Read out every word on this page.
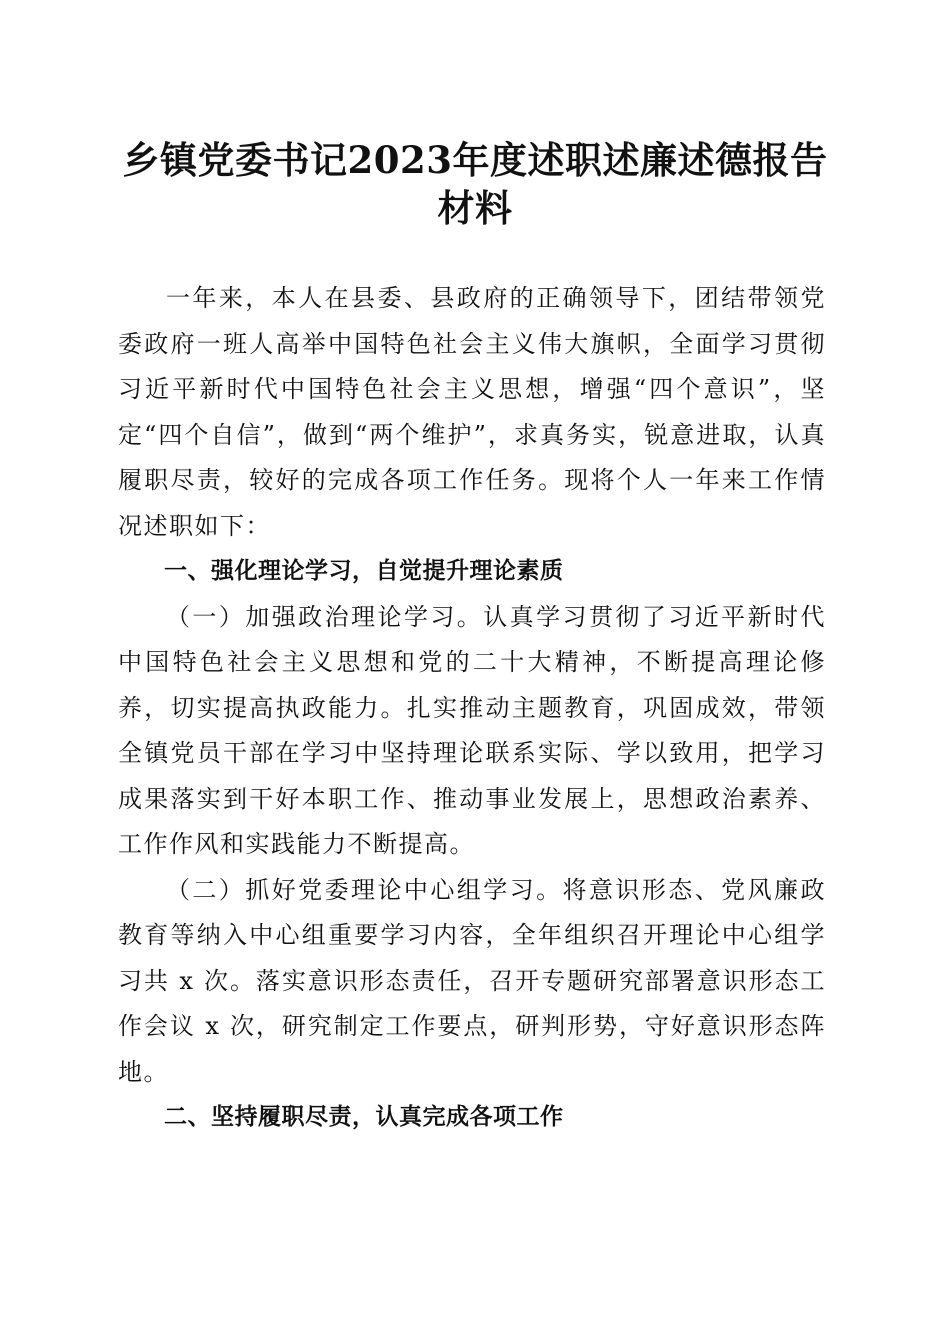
乡镇党委书记2023年度述职述廉述德报告材料

一年来，本人在县委、县政府的正确领导下，团结带领党委政府一班人高举中国特色社会主义伟大旗帜，全面学习贯彻习近平新时代中国特色社会主义思想，增强“四个意识”，坚定“四个自信”，做到“两个维护”，求真务实，锐意进取，认真履职尽责，较好的完成各项工作任务。现将个人一年来工作情况述职如下：

一、强化理论学习，自觉提升理论素质

（一）加强政治理论学习。认真学习贯彻了习近平新时代中国特色社会主义思想和党的二十大精神，不断提高理论修养，切实提高执政能力。扎实推动主题教育，巩固成效，带领全镇党员干部在学习中坚持理论联系实际、学以致用，把学习成果落实到干好本职工作、推动事业发展上，思想政治素养、工作作风和实践能力不断提高。

（二）抓好党委理论中心组学习。将意识形态、党风廉政教育等纳入中心组重要学习内容，全年组织召开理论中心组学习共 x 次。落实意识形态责任，召开专题研究部署意识形态工作会议 x 次，研究制定工作要点，研判形势，守好意识形态阵地。

二、坚持履职尽责，认真完成各项工作
